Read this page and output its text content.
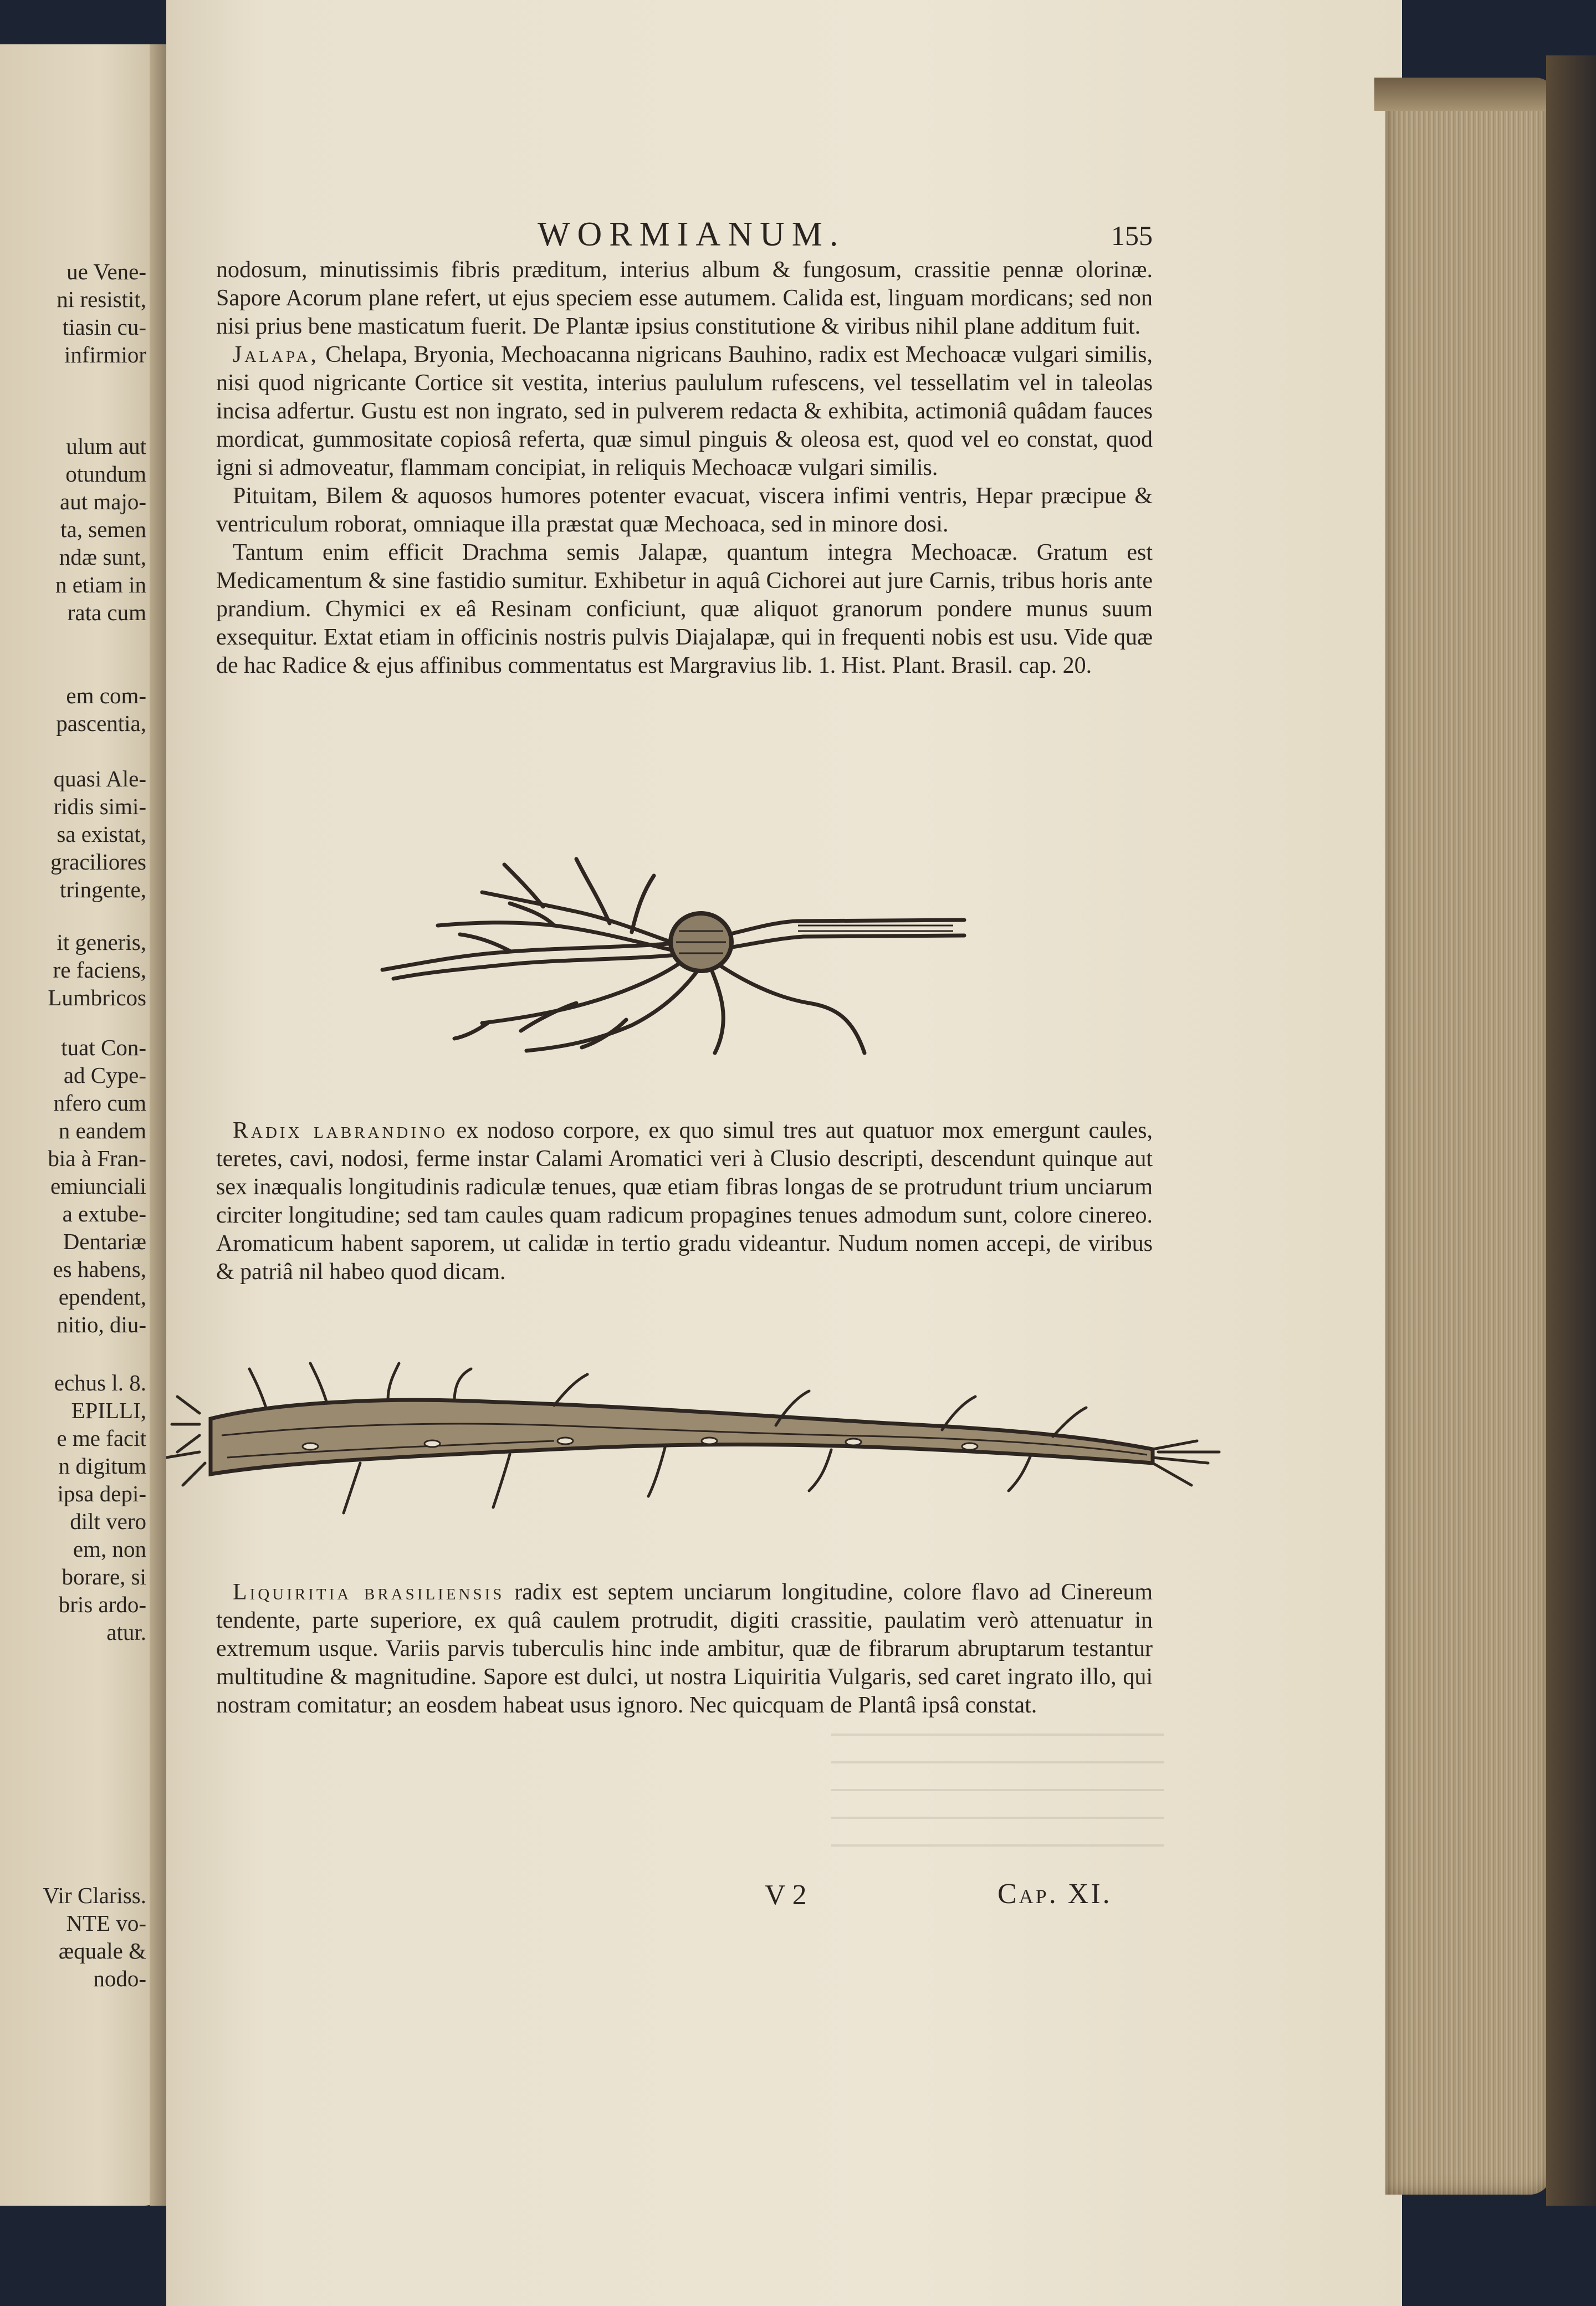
ue Vene-
ni resistit,
tiasin cu-
infirmior
ulum aut
otundum
aut majo-
ta, semen
ndæ sunt,
n etiam in
rata cum
em com-
pascentia,
quasi Ale-
ridis simi-
sa existat,
graciliores
tringente,
it generis,
re faciens,
Lumbricos
tuat Con-
ad Cype-
nfero cum
n eandem
bia à Fran-
emiunciali
a extube-
Dentariæ
es habens,
ependent,
nitio, diu-
echus l. 8.
EPILLI,
e me facit
n digitum
ipsa depi-
dilt vero
em, non
borare, si
bris ardo-
atur.
Vir Clariss.
NTE vo-
æquale &
nodo-
WORMIANUM.	155

nodosum, minutissimis fibris præditum, interius album & fungosum, crassitie pennæ olorinæ. Sapore Acorum plane refert, ut ejus speciem esse autumem. Calida est, linguam mordicans; sed non nisi prius bene masticatum fuerit. De Plantæ ipsius constitutione & viribus nihil plane additum fuit.

Jalapa, Chelapa, Bryonia, Mechoacanna nigricans Bauhino, radix est Mechoacæ vulgari similis, nisi quod nigricante Cortice sit vestita, interius paululum rufescens, vel tessellatim vel in taleolas incisa adfertur. Gustu est non ingrato, sed in pulverem redacta & exhibita, actimoniâ quâdam fauces mordicat, gummositate copiosâ referta, quæ simul pinguis & oleosa est, quod vel eo constat, quod igni si admoveatur, flammam concipiat, in reliquis Mechoacæ vulgari similis.

Pituitam, Bilem & aquosos humores potenter evacuat, viscera infimi ventris, Hepar præcipue & ventriculum roborat, omniaque illa præstat quæ Mechoaca, sed in minore dosi.

Tantum enim efficit Drachma semis Jalapæ, quantum integra Mechoacæ. Gratum est Medicamentum & sine fastidio sumitur. Exhibetur in aquâ Cichorei aut jure Carnis, tribus horis ante prandium. Chymici ex eâ Resinam conficiunt, quæ aliquot granorum pondere munus suum exsequitur. Extat etiam in officinis nostris pulvis Diajalapæ, qui in frequenti nobis est usu. Vide quæ de hac Radice & ejus affinibus commentatus est Margravius lib. 1. Hist. Plant. Brasil. cap. 20.

Radix labrandino ex nodoso corpore, ex quo simul tres aut quatuor mox emergunt caules, teretes, cavi, nodosi, ferme instar Calami Aromatici veri à Clusio descripti, descendunt quinque aut sex inæqualis longitudinis radiculæ tenues, quæ etiam fibras longas de se protrudunt trium unciarum circiter longitudine; sed tam caules quam radicum propagines tenues admodum sunt, colore cinereo. Aromaticum habent saporem, ut calidæ in tertio gradu videantur. Nudum nomen accepi, de viribus & patriâ nil habeo quod dicam.

Liquiritia brasiliensis radix est septem unciarum longitudine, colore flavo ad Cinereum tendente, parte superiore, ex quâ caulem protrudit, digiti crassitie, paulatim verò attenuatur in extremum usque. Variis parvis tuberculis hinc inde ambitur, quæ de fibrarum abruptarum testantur multitudine & magnitudine. Sapore est dulci, ut nostra Liquiritia Vulgaris, sed caret ingrato illo, qui nostram comitatur; an eosdem habeat usus ignoro. Nec quicquam de Plantâ ipsâ constat.

V 2	Cap. XI.
